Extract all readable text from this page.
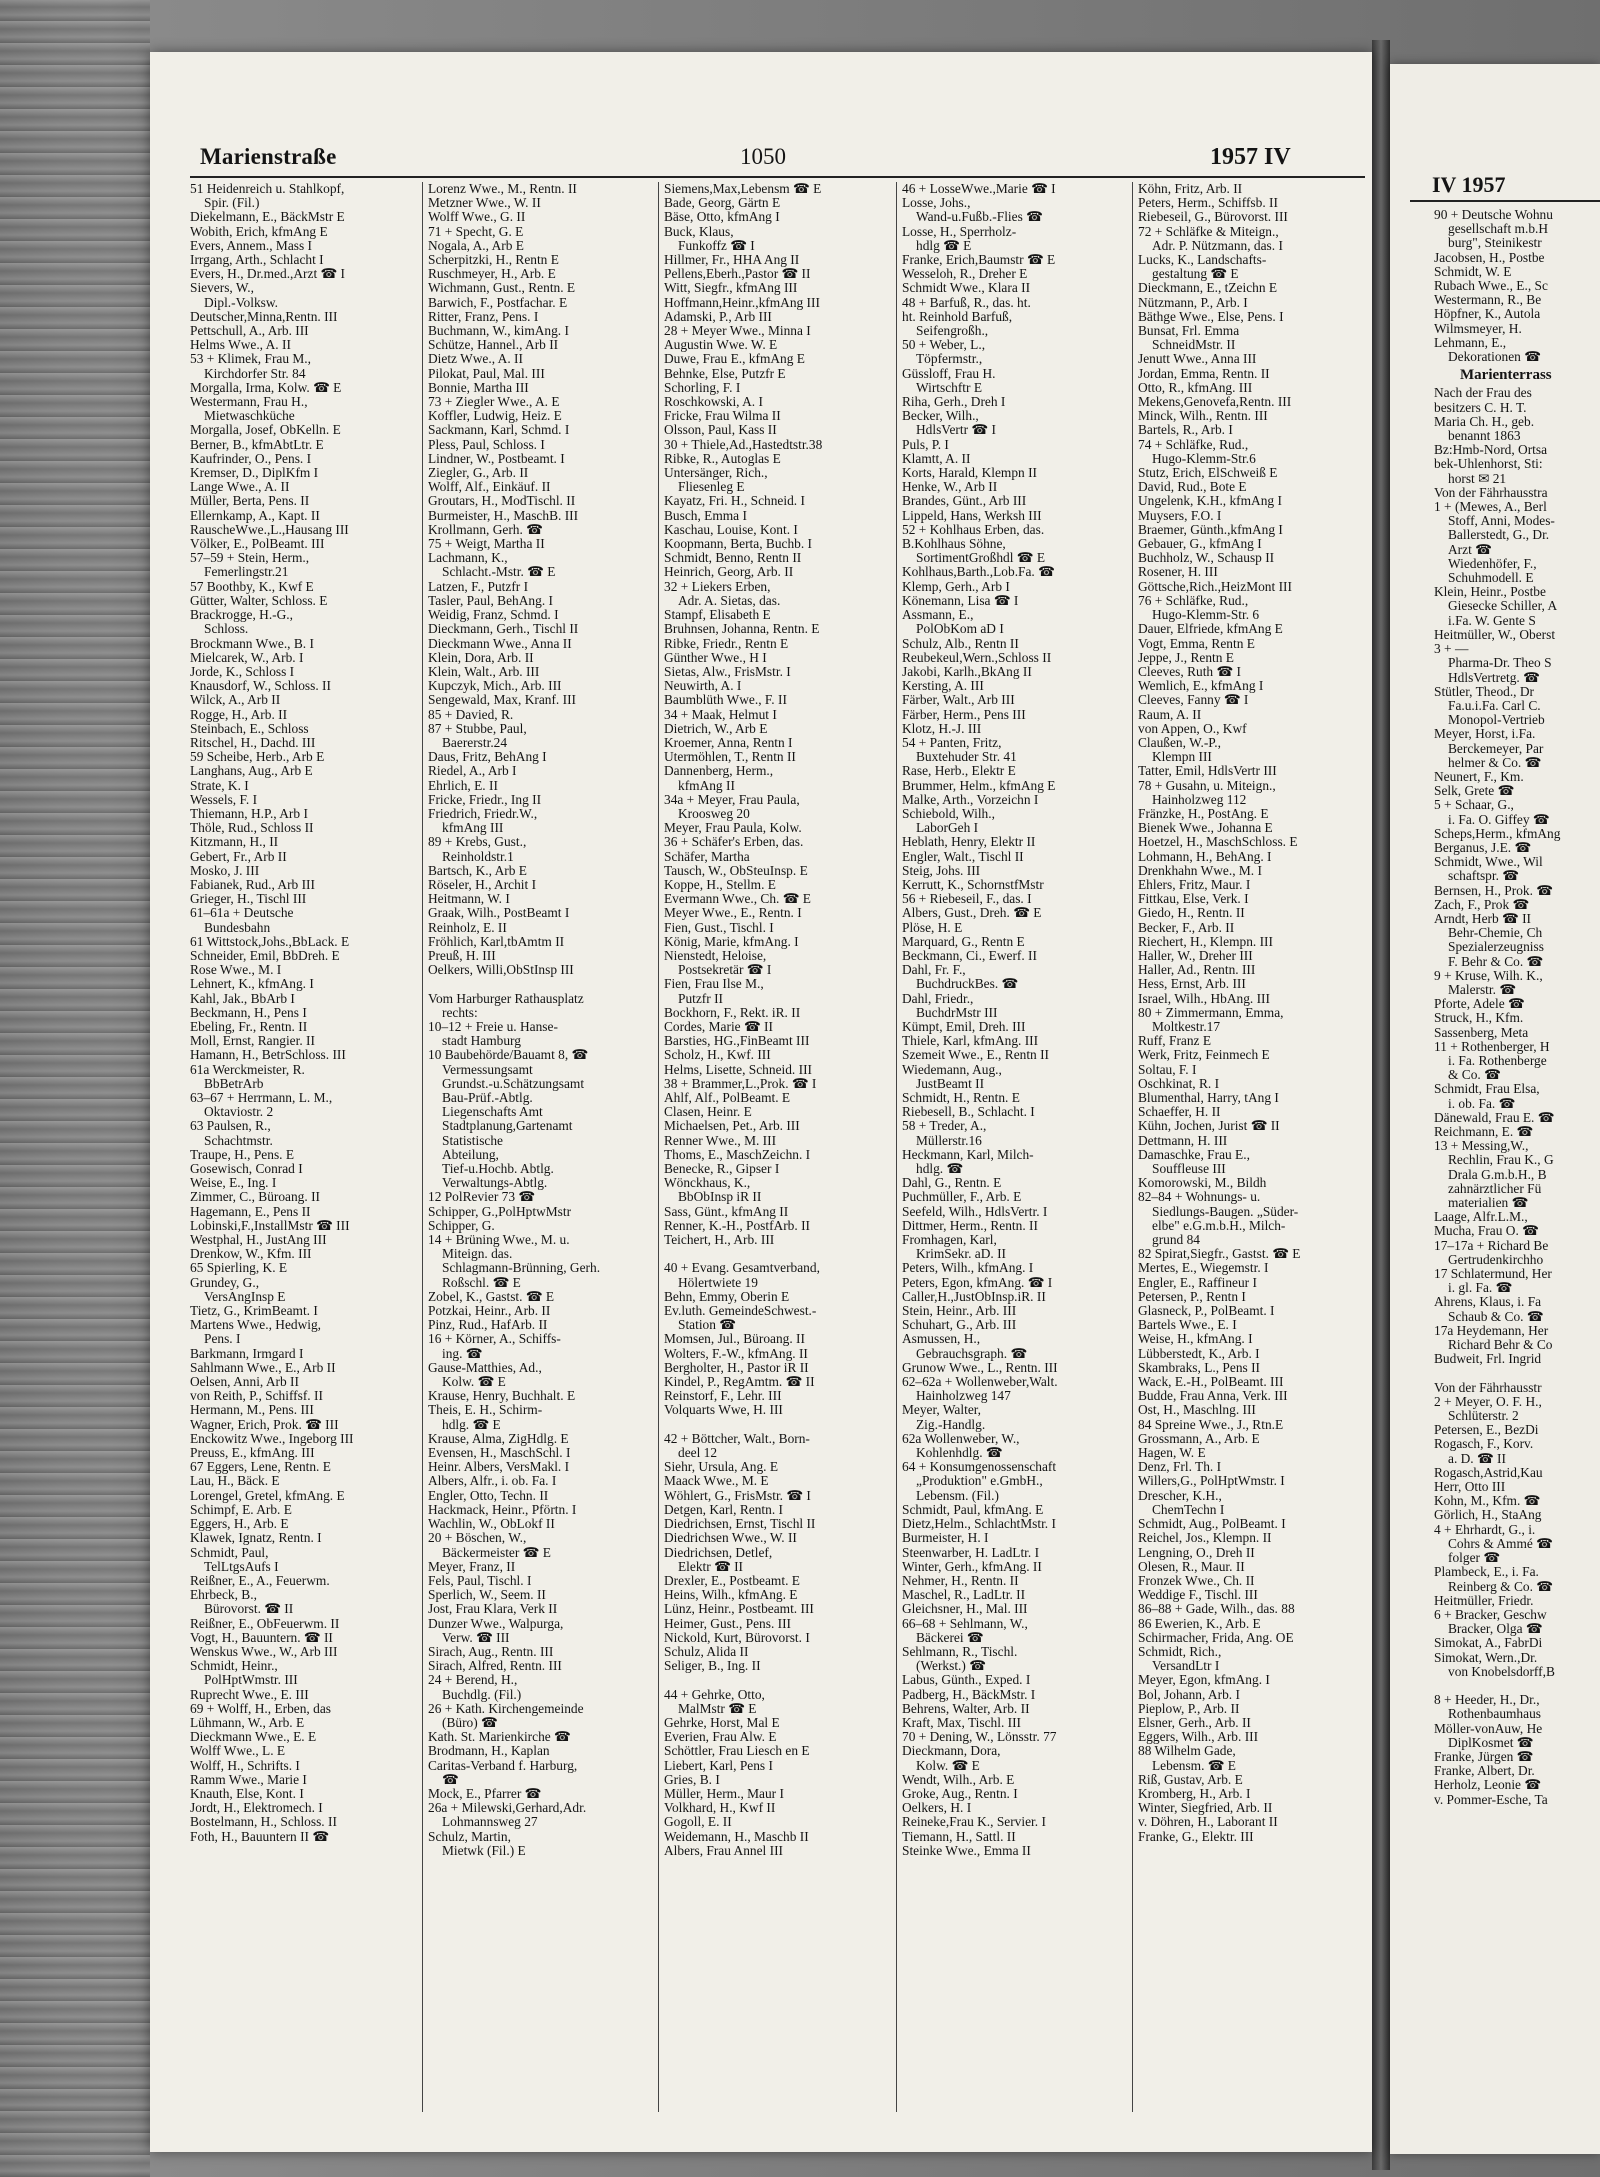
Marienstraße	1050	1957 IV
51 Heidenreich u. Stahlkopf,
Spir. (Fil.)
Diekelmann, E., BäckMstr E
Wobith, Erich, kfmAng E
Evers, Annem., Mass I
Irrgang, Arth., Schlacht I
Evers, H., Dr.med.,Arzt ☎ I
Sievers, W.,
Dipl.-Volksw.
Deutscher,Minna,Rentn. III
Pettschull, A., Arb. III
Helms Wwe., A. II
53 + Klimek, Frau M.,
Kirchdorfer Str. 84
Morgalla, Irma, Kolw. ☎ E
Westermann, Frau H.,
Mietwaschküche
Morgalla, Josef, ObKelln. E
Berner, B., kfmAbtLtr. E
Kaufrinder, O., Pens. I
Kremser, D., DiplKfm I
Lange Wwe., A. II
Müller, Berta, Pens. II
Ellernkamp, A., Kapt. II
RauscheWwe.,L.,Hausang III
Völker, E., PolBeamt. III
57–59 + Stein, Herm.,
Femerlingstr.21
57 Boothby, K., Kwf E
Gütter, Walter, Schloss. E
Brackrogge, H.-G.,
Schloss.
Brockmann Wwe., B. I
Mielcarek, W., Arb. I
Jorde, K., Schloss I
Knausdorf, W., Schloss. II
Wilck, A., Arb II
Rogge, H., Arb. II
Steinbach, E., Schloss
Ritschel, H., Dachd. III
59 Scheibe, Herb., Arb E
Langhans, Aug., Arb E
Strate, K. I
Wessels, F. I
Thiemann, H.P., Arb I
Thöle, Rud., Schloss II
Kitzmann, H., II
Gebert, Fr., Arb II
Mosko, J. III
Fabianek, Rud., Arb III
Grieger, H., Tischl III
61–61a + Deutsche
Bundesbahn
61 Wittstock,Johs.,BbLack. E
Schneider, Emil, BbDreh. E
Rose Wwe., M. I
Lehnert, K., kfmAng. I
Kahl, Jak., BbArb I
Beckmann, H., Pens I
Ebeling, Fr., Rentn. II
Moll, Ernst, Rangier. II
Hamann, H., BetrSchloss. III
61a Werckmeister, R.
BbBetrArb
63–67 + Herrmann, L. M.,
Oktaviostr. 2
63 Paulsen, R.,
Schachtmstr.
Traupe, H., Pens. E
Gosewisch, Conrad I
Weise, E., Ing. I
Zimmer, C., Büroang. II
Hagemann, E., Pens II
Lobinski,F.,InstallMstr ☎ III
Westphal, H., JustAng III
Drenkow, W., Kfm. III
65 Spierling, K. E
Grundey, G.,
VersAngInsp E
Tietz, G., KrimBeamt. I
Martens Wwe., Hedwig,
Pens. I
Barkmann, Irmgard I
Sahlmann Wwe., E., Arb II
Oelsen, Anni, Arb II
von Reith, P., Schiffsf. II
Hermann, M., Pens. III
Wagner, Erich, Prok. ☎ III
Enckowitz Wwe., Ingeborg III
Preuss, E., kfmAng. III
67 Eggers, Lene, Rentn. E
Lau, H., Bäck. E
Lorengel, Gretel, kfmAng. E
Schimpf, E. Arb. E
Eggers, H., Arb. E
Klawek, Ignatz, Rentn. I
Schmidt, Paul,
TelLtgsAufs I
Reißner, E., A., Feuerwm.
Ehrbeck, B.,
Bürovorst. ☎ II
Reißner, E., ObFeuerwm. II
Vogt, H., Bauuntern. ☎ II
Wenskus Wwe., W., Arb III
Schmidt, Heinr.,
PolHptWmstr. III
Ruprecht Wwe., E. III
69 + Wolff, H., Erben, das
Lühmann, W., Arb. E
Dieckmann Wwe., E. E
Wolff Wwe., L. E
Wolff, H., Schrifts. I
Ramm Wwe., Marie I
Knauth, Else, Kont. I
Jordt, H., Elektromech. I
Bostelmann, H., Schloss. II
Foth, H., Bauuntern II ☎
Lorenz Wwe., M., Rentn. II
Metzner Wwe., W. II
Wolff Wwe., G. II
71 + Specht, G. E
Nogala, A., Arb E
Scherpitzki, H., Rentn E
Ruschmeyer, H., Arb. E
Wichmann, Gust., Rentn. E
Barwich, F., Postfachar. E
Ritter, Franz, Pens. I
Buchmann, W., kimAng. I
Schütze, Hannel., Arb II
Dietz Wwe., A. II
Pilokat, Paul, Mal. III
Bonnie, Martha III
73 + Ziegler Wwe., A. E
Koffler, Ludwig, Heiz. E
Sackmann, Karl, Schmd. I
Pless, Paul, Schloss. I
Lindner, W., Postbeamt. I
Ziegler, G., Arb. II
Wolff, Alf., Einkäuf. II
Groutars, H., ModTischl. II
Burmeister, H., MaschB. III
Krollmann, Gerh. ☎
75 + Weigt, Martha II
Lachmann, K.,
Schlacht.-Mstr. ☎ E
Latzen, F., Putzfr I
Tasler, Paul, BehAng. I
Weidig, Franz, Schmd. I
Dieckmann, Gerh., Tischl II
Dieckmann Wwe., Anna II
Klein, Dora, Arb. II
Klein, Walt., Arb. III
Kupczyk, Mich., Arb. III
Sengewald, Max, Kranf. III
85 + Davied, R.
87 + Stubbe, Paul,
Baererstr.24
Daus, Fritz, BehAng I
Riedel, A., Arb I
Ehrlich, E. II
Fricke, Friedr., Ing II
Friedrich, Friedr.W.,
kfmAng III
89 + Krebs, Gust.,
Reinholdstr.1
Bartsch, K., Arb E
Röseler, H., Archit I
Heitmann, W. I
Graak, Wilh., PostBeamt I
Reinholz, E. II
Fröhlich, Karl,tbAmtm II
Preuß, H. III
Oelkers, Willi,ObStInsp III

Vom Harburger Rathausplatz
rechts:
10–12 + Freie u. Hanse-
stadt Hamburg
10 Baubehörde/Bauamt 8, ☎
Vermessungsamt
Grundst.-u.Schätzungsamt
Bau-Prüf.-Abtlg.
Liegenschafts Amt
Stadtplanung,Gartenamt
Statistische
Abteilung,
Tief-u.Hochb. Abtlg.
Verwaltungs-Abtlg.
12 PolRevier 73 ☎
Schipper, G.,PolHptwMstr
Schipper, G.
14 + Brüning Wwe., M. u.
Miteign. das.
Schlagmann-Brünning, Gerh.
Roßschl. ☎ E
Zobel, K., Gastst. ☎ E
Potzkai, Heinr., Arb. II
Pinz, Rud., HafArb. II
16 + Körner, A., Schiffs-
ing. ☎
Gause-Matthies, Ad.,
Kolw. ☎ E
Krause, Henry, Buchhalt. E
Theis, E. H., Schirm-
hdlg. ☎ E
Krause, Alma, ZigHdlg. E
Evensen, H., MaschSchl. I
Heinr. Albers, VersMakl. I
Albers, Alfr., i. ob. Fa. I
Engler, Otto, Techn. II
Hackmack, Heinr., Pförtn. I
Wachlin, W., ObLokf II
20 + Böschen, W.,
Bäckermeister ☎ E
Meyer, Franz, II
Fels, Paul, Tischl. I
Sperlich, W., Seem. II
Jost, Frau Klara, Verk II
Dunzer Wwe., Walpurga,
Verw. ☎ III
Sirach, Aug., Rentn. III
Sirach, Alfred, Rentn. III
24 + Berend, H.,
Buchdlg. (Fil.)
26 + Kath. Kirchengemeinde
(Büro) ☎
Kath. St. Marienkirche ☎
Brodmann, H., Kaplan
Caritas-Verband f. Harburg,
☎
Mock, E., Pfarrer ☎
26a + Milewski,Gerhard,Adr.
Lohmannsweg 27
Schulz, Martin,
Mietwk (Fil.) E
Siemens,Max,Lebensm ☎ E
Bade, Georg, Gärtn E
Bäse, Otto, kfmAng I
Buck, Klaus,
Funkoffz ☎ I
Hillmer, Fr., HHA Ang II
Pellens,Eberh.,Pastor ☎ II
Witt, Siegfr., kfmAng III
Hoffmann,Heinr.,kfmAng III
Adamski, P., Arb III
28 + Meyer Wwe., Minna I
Augustin Wwe. W. E
Duwe, Frau E., kfmAng E
Behnke, Else, Putzfr E
Schorling, F. I
Roschkowski, A. I
Fricke, Frau Wilma II
Olsson, Paul, Kass II
30 + Thiele,Ad.,Hastedtstr.38
Ribke, R., Autoglas E
Untersänger, Rich.,
Fliesenleg E
Kayatz, Fri. H., Schneid. I
Busch, Emma I
Kaschau, Louise, Kont. I
Koopmann, Berta, Buchb. I
Schmidt, Benno, Rentn II
Heinrich, Georg, Arb. II
32 + Liekers Erben,
Adr. A. Sietas, das.
Stampf, Elisabeth E
Bruhnsen, Johanna, Rentn. E
Ribke, Friedr., Rentn E
Günther Wwe., H I
Sietas, Alw., FrisMstr. I
Neuwirth, A. I
Baumblüth Wwe., F. II
34 + Maak, Helmut I
Dietrich, W., Arb E
Kroemer, Anna, Rentn I
Utermöhlen, T., Rentn II
Dannenberg, Herm.,
kfmAng II
34a + Meyer, Frau Paula,
Kroosweg 20
Meyer, Frau Paula, Kolw.
36 + Schäfer's Erben, das.
Schäfer, Martha
Tausch, W., ObSteuInsp. E
Koppe, H., Stellm. E
Evermann Wwe., Ch. ☎ E
Meyer Wwe., E., Rentn. I
Fien, Gust., Tischl. I
König, Marie, kfmAng. I
Nienstedt, Heloise,
Postsekretär ☎ I
Fien, Frau Ilse M.,
Putzfr II
Bockhorn, F., Rekt. iR. II
Cordes, Marie ☎ II
Barsties, HG.,FinBeamt III
Scholz, H., Kwf. III
Helms, Lisette, Schneid. III
38 + Brammer,L.,Prok. ☎ I
Ahlf, Alf., PolBeamt. E
Clasen, Heinr. E
Michaelsen, Pet., Arb. III
Renner Wwe., M. III
Thoms, E., MaschZeichn. I
Benecke, R., Gipser I
Wönckhaus, K.,
BbObInsp iR II
Sass, Günt., kfmAng II
Renner, K.-H., PostfArb. II
Teichert, H., Arb. III

40 + Evang. Gesamtverband,
Hölertwiete 19
Behn, Emmy, Oberin E
Ev.luth. GemeindeSchwest.-
Station ☎
Momsen, Jul., Büroang. II
Wolters, F.-W., kfmAng. II
Bergholter, H., Pastor iR II
Kindel, P., RegAmtm. ☎ II
Reinstorf, F., Lehr. III
Volquarts Wwe, H. III

42 + Böttcher, Walt., Born-
deel 12
Siehr, Ursula, Ang. E
Maack Wwe., M. E
Wöhlert, G., FrisMstr. ☎ I
Detgen, Karl, Rentn. I
Diedrichsen, Ernst, Tischl II
Diedrichsen Wwe., W. II
Diedrichsen, Detlef,
Elektr ☎ II
Drexler, E., Postbeamt. E
Heins, Wilh., kfmAng. E
Lünz, Heinr., Postbeamt. III
Heimer, Gust., Pens. III
Nickold, Kurt, Bürovorst. I
Schulz, Alida II
Seliger, B., Ing. II

44 + Gehrke, Otto,
MalMstr ☎ E
Gehrke, Horst, Mal E
Everien, Frau Alw. E
Schöttler, Frau Liesch en E
Liebert, Karl, Pens I
Gries, B. I
Müller, Herm., Maur I
Volkhard, H., Kwf II
Gogoll, E. II
Weidemann, H., Maschb II
Albers, Frau Annel III
46 + LosseWwe.,Marie ☎ I
Losse, Johs.,
Wand-u.Fußb.-Flies ☎
Losse, H., Sperrholz-
hdlg ☎ E
Franke, Erich,Baumstr ☎ E
Wesseloh, R., Dreher E
Schmidt Wwe., Klara II
48 + Barfuß, R., das. ht.
ht. Reinhold Barfuß,
Seifengroßh.,
50 + Weber, L.,
Töpfermstr.,
Güssloff, Frau H.
Wirtschftr E
Riha, Gerh., Dreh I
Becker, Wilh.,
HdlsVertr ☎ I
Puls, P. I
Klamtt, A. II
Korts, Harald, Klempn II
Henke, W., Arb II
Brandes, Günt., Arb III
Lippeld, Hans, Werksh III
52 + Kohlhaus Erben, das.
B.Kohlhaus Söhne,
SortimentGroßhdl ☎ E
Kohlhaus,Barth.,Lob.Fa. ☎
Klemp, Gerh., Arb I
Könemann, Lisa ☎ I
Assmann, E.,
PolObKom aD I
Schulz, Alb., Rentn II
Reubekeul,Wern.,Schloss II
Jakobi, Karlh.,BkAng II
Kersting, A. III
Färber, Walt., Arb III
Färber, Herm., Pens III
Klotz, H.-J. III
54 + Panten, Fritz,
Buxtehuder Str. 41
Rase, Herb., Elektr E
Brummer, Helm., kfmAng E
Malke, Arth., Vorzeichn I
Schiebold, Wilh.,
LaborGeh I
Heblath, Henry, Elektr II
Engler, Walt., Tischl II
Steig, Johs. III
Kerrutt, K., SchornstfMstr
56 + Riebeseil, F., das. I
Albers, Gust., Dreh. ☎ E
Plöse, H. E
Marquard, G., Rentn E
Beckmann, Ci., Ewerf. II
Dahl, Fr. F.,
BuchdruckBes. ☎
Dahl, Friedr.,
BuchdrMstr III
Kümpt, Emil, Dreh. III
Thiele, Karl, kfmAng. III
Szemeit Wwe., E., Rentn II
Wiedemann, Aug.,
JustBeamt II
Schmidt, H., Rentn. E
Riebesell, B., Schlacht. I
58 + Treder, A.,
Müllerstr.16
Heckmann, Karl, Milch-
hdlg. ☎
Dahl, G., Rentn. E
Puchmüller, F., Arb. E
Seefeld, Wilh., HdlsVertr. I
Dittmer, Herm., Rentn. II
Fromhagen, Karl,
KrimSekr. aD. II
Peters, Wilh., kfmAng. I
Peters, Egon, kfmAng. ☎ I
Caller,H.,JustObInsp.iR. II
Stein, Heinr., Arb. III
Schuhart, G., Arb. III
Asmussen, H.,
Gebrauchsgraph. ☎
Grunow Wwe., L., Rentn. III
62–62a + Wollenweber,Walt.
Hainholzweg 147
Meyer, Walter,
Zig.-Handlg.
62a Wollenweber, W.,
Kohlenhdlg. ☎
64 + Konsumgenossenschaft
„Produktion" e.GmbH.,
Lebensm. (Fil.)
Schmidt, Paul, kfmAng. E
Dietz,Helm., SchlachtMstr. I
Burmeister, H. I
Steenwarber, H. LadLtr. I
Winter, Gerh., kfmAng. II
Nehmer, H., Rentn. II
Maschel, R., LadLtr. II
Gleichsner, H., Mal. III
66–68 + Sehlmann, W.,
Bäckerei ☎
Sehlmann, R., Tischl.
(Werkst.) ☎
Labus, Günth., Exped. I
Padberg, H., BäckMstr. I
Behrens, Walter, Arb. II
Kraft, Max, Tischl. III
70 + Dening, W., Lönsstr. 77
Dieckmann, Dora,
Kolw. ☎ E
Wendt, Wilh., Arb. E
Groke, Aug., Rentn. I
Oelkers, H. I
Reineke,Frau K., Servier. I
Tiemann, H., Sattl. II
Steinke Wwe., Emma II
Köhn, Fritz, Arb. II
Peters, Herm., Schiffsb. II
Riebeseil, G., Bürovorst. III
72 + Schläfke & Miteign.,
Adr. P. Nützmann, das. I
Lucks, K., Landschafts-
gestaltung ☎ E
Dieckmann, E., tZeichn E
Nützmann, P., Arb. I
Bäthge Wwe., Else, Pens. I
Bunsat, Frl. Emma
SchneidMstr. II
Jenutt Wwe., Anna III
Jordan, Emma, Rentn. II
Otto, R., kfmAng. III
Mekens,Genovefa,Rentn. III
Minck, Wilh., Rentn. III
Bartels, R., Arb. I
74 + Schläfke, Rud.,
Hugo-Klemm-Str.6
Stutz, Erich, ElSchweiß E
David, Rud., Bote E
Ungelenk, K.H., kfmAng I
Muysers, F.O. I
Braemer, Günth.,kfmAng I
Gebauer, G., kfmAng I
Buchholz, W., Schausp II
Rosener, H. III
Göttsche,Rich.,HeizMont III
76 + Schläfke, Rud.,
Hugo-Klemm-Str. 6
Dauer, Elfriede, kfmAng E
Vogt, Emma, Rentn E
Jeppe, J., Rentn E
Cleeves, Ruth ☎ I
Wemlich, E., kfmAng I
Cleeves, Fanny ☎ I
Raum, A. II
von Appen, O., Kwf
Claußen, W.-P.,
Klempn III
Tatter, Emil, HdlsVertr III
78 + Gusahn, u. Miteign.,
Hainholzweg 112
Fränzke, H., PostAng. E
Bienek Wwe., Johanna E
Hoetzel, H., MaschSchloss. E
Lohmann, H., BehAng. I
Drenkhahn Wwe., M. I
Ehlers, Fritz, Maur. I
Fittkau, Else, Verk. I
Giedo, H., Rentn. II
Becker, F., Arb. II
Riechert, H., Klempn. III
Haller, W., Dreher III
Haller, Ad., Rentn. III
Hess, Ernst, Arb. III
Israel, Wilh., HbAng. III
80 + Zimmermann, Emma,
Moltkestr.17
Ruff, Franz E
Werk, Fritz, Feinmech E
Soltau, F. I
Oschkinat, R. I
Blumenthal, Harry, tAng I
Schaeffer, H. II
Kühn, Jochen, Jurist ☎ II
Dettmann, H. III
Damaschke, Frau E.,
Souffleuse III
Komorowski, M., Bildh
82–84 + Wohnungs- u.
Siedlungs-Baugen. „Süder-
elbe" e.G.m.b.H., Milch-
grund 84
82 Spirat,Siegfr., Gastst. ☎ E
Mertes, E., Wiegemstr. I
Engler, E., Raffineur I
Petersen, P., Rentn I
Glasneck, P., PolBeamt. I
Bartels Wwe., E. I
Weise, H., kfmAng. I
Lübberstedt, K., Arb. I
Skambraks, L., Pens II
Wack, E.-H., PolBeamt. III
Budde, Frau Anna, Verk. III
Ost, H., Maschlng. III
84 Spreine Wwe., J., Rtn.E
Grossmann, A., Arb. E
Hagen, W. E
Denz, Frl. Th. I
Willers,G., PolHptWmstr. I
Drescher, K.H.,
ChemTechn I
Schmidt, Aug., PolBeamt. I
Reichel, Jos., Klempn. II
Lengning, O., Dreh II
Olesen, R., Maur. II
Fronzek Wwe., Ch. II
Weddige F., Tischl. III
86–88 + Gade, Wilh., das. 88
86 Ewerien, K., Arb. E
Schirmacher, Frida, Ang. OE
Schmidt, Rich.,
VersandLtr I
Meyer, Egon, kfmAng. I
Bol, Johann, Arb. I
Pieplow, P., Arb. II
Elsner, Gerh., Arb. II
Eggers, Wilh., Arb. III
88 Wilhelm Gade,
Lebensm. ☎ E
Riß, Gustav, Arb. E
Kromberg, H., Arb. I
Winter, Siegfried, Arb. II
v. Döhren, H., Laborant II
Franke, G., Elektr. III
IV 1957
90 + Deutsche Wohnu
gesellschaft m.b.H
burg", Steinikestr
Jacobsen, H., Postbe
Schmidt, W. E
Rubach Wwe., E., Sc
Westermann, R., Be
Höpfner, K., Autola
Wilmsmeyer, H.
Lehmann, E.,
Dekorationen ☎
Marienterrass
Nach der Frau des
besitzers C. H. T.
Maria Ch. H., geb.
benannt 1863
Bz:Hmb-Nord, Ortsa
bek-Uhlenhorst, Sti:
horst ✉ 21
Von der Fährhausstra
1 + (Mewes, A., Berl
Stoff, Anni, Modes-
Ballerstedt, G., Dr.
Arzt ☎
Wiedenhöfer, F.,
Schuhmodell. E
Klein, Heinr., Postbe
Giesecke Schiller, A
i.Fa. W. Gente S
Heitmüller, W., Oberst
3 + —
Pharma-Dr. Theo S
HdlsVertretg. ☎
Stütler, Theod., Dr
Fa.u.i.Fa. Carl C.
Monopol-Vertrieb
Meyer, Horst, i.Fa.
Berckemeyer, Par
helmer & Co. ☎
Neunert, F., Km.
Selk, Grete ☎
5 + Schaar, G.,
i. Fa. O. Giffey ☎
Scheps,Herm., kfmAng
Berganus, J.E. ☎
Schmidt, Wwe., Wil
schaftspr. ☎
Bernsen, H., Prok. ☎
Zach, F., Prok ☎
Arndt, Herb ☎ II
Behr-Chemie, Ch
Spezialerzeugniss
F. Behr & Co. ☎
9 + Kruse, Wilh. K.,
Malerstr. ☎
Pforte, Adele ☎
Struck, H., Kfm.
Sassenberg, Meta
11 + Rothenberger, H
i. Fa. Rothenberge
& Co. ☎
Schmidt, Frau Elsa,
i. ob. Fa. ☎
Dänewald, Frau E. ☎
Reichmann, E. ☎
13 + Messing,W.,
Rechlin, Frau K., G
Drala G.m.b.H., B
zahnärztlicher Fü
materialien ☎
Laage, Alfr.L.M.,
Mucha, Frau O. ☎
17–17a + Richard Be
Gertrudenkirchho
17 Schlatermund, Her
i. gl. Fa. ☎
Ahrens, Klaus, i. Fa
Schaub & Co. ☎
17a Heydemann, Her
Richard Behr & Co
Budweit, Frl. Ingrid

Von der Fährhausstr
2 + Meyer, O. F. H.,
Schlüterstr. 2
Petersen, E., BezDi
Rogasch, F., Korv.
a. D. ☎ II
Rogasch,Astrid,Kau
Herr, Otto III
Kohn, M., Kfm. ☎
Görlich, H., StaAng
4 + Ehrhardt, G., i.
Cohrs & Ammé ☎
folger ☎
Plambeck, E., i. Fa.
Reinberg & Co. ☎
Heitmüller, Friedr.
6 + Bracker, Geschw
Bracker, Olga ☎
Simokat, A., FabrDi
Simokat, Wern.,Dr.
von Knobelsdorff,B

8 + Heeder, H., Dr.,
Rothenbaumhaus
Möller-vonAuw, He
DiplKosmet ☎
Franke, Jürgen ☎
Franke, Albert, Dr.
Herholz, Leonie ☎
v. Pommer-Esche, Ta
